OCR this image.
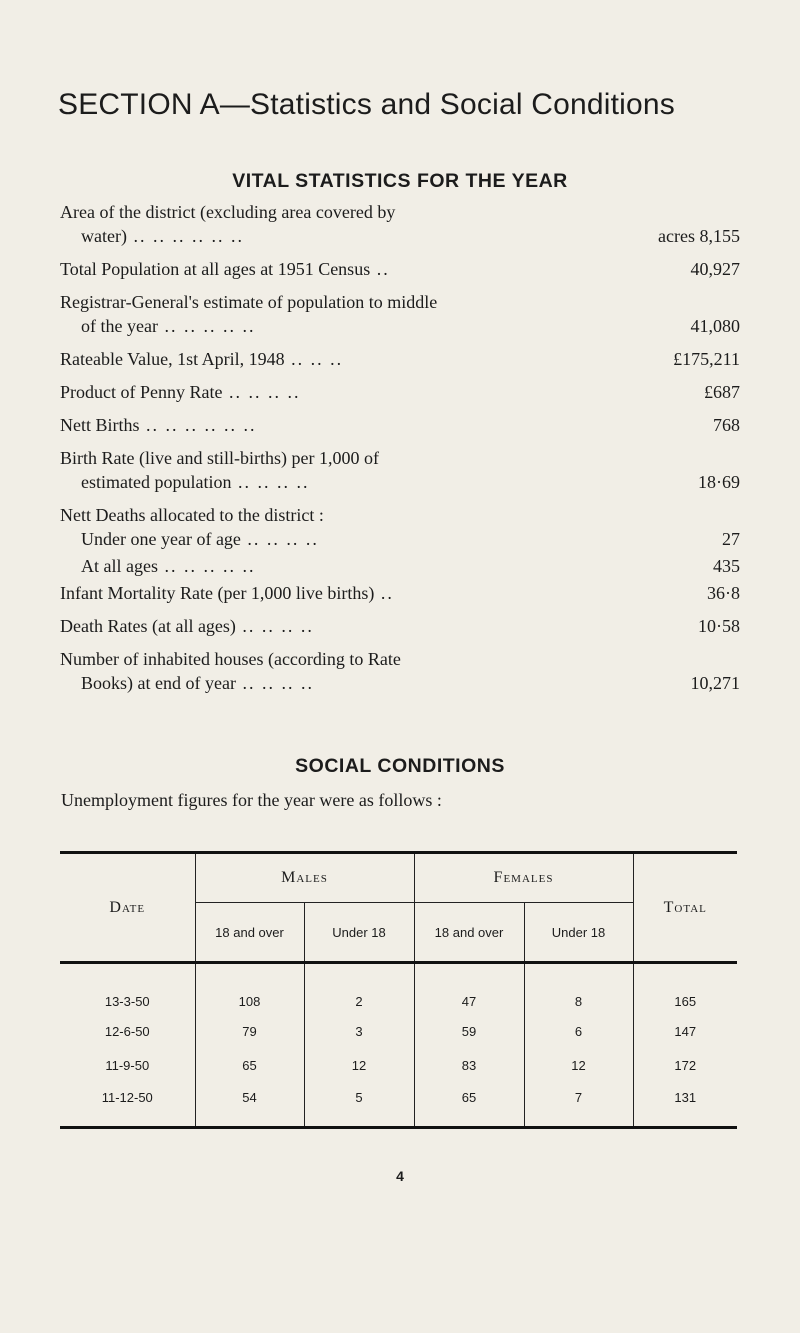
SECTION A—Statistics and Social Conditions
VITAL STATISTICS FOR THE YEAR
Area of the district (excluding area covered by
water) .. .. .. .. .. ..	acres 8,155
Total Population at all ages at 1951 Census ..	40,927
Registrar-General's estimate of population to middle
of the year .. .. .. .. ..	41,080
Rateable Value, 1st April, 1948 .. .. ..	£175,211
Product of Penny Rate .. .. .. ..	£687
Nett Births .. .. .. .. .. ..	768
Birth Rate (live and still-births) per 1,000 of
estimated population .. .. .. ..	18·69
Nett Deaths allocated to the district :
Under one year of age .. .. .. ..	27
At all ages .. .. .. .. ..	435
Infant Mortality Rate (per 1,000 live births) ..	36·8
Death Rates (at all ages) .. .. .. ..	10·58
Number of inhabited houses (according to Rate
Books) at end of year .. .. .. ..	10,271
SOCIAL CONDITIONS

Unemployment figures for the year were as follows :

Date	Males		Females		Total
	18 and over	Under 18	18 and over	Under 18	
13-3-50	108	2	47	8	165
12-6-50	79	3	59	6	147
11-9-50	65	12	83	12	172
11-12-50	54	5	65	7	131
4
